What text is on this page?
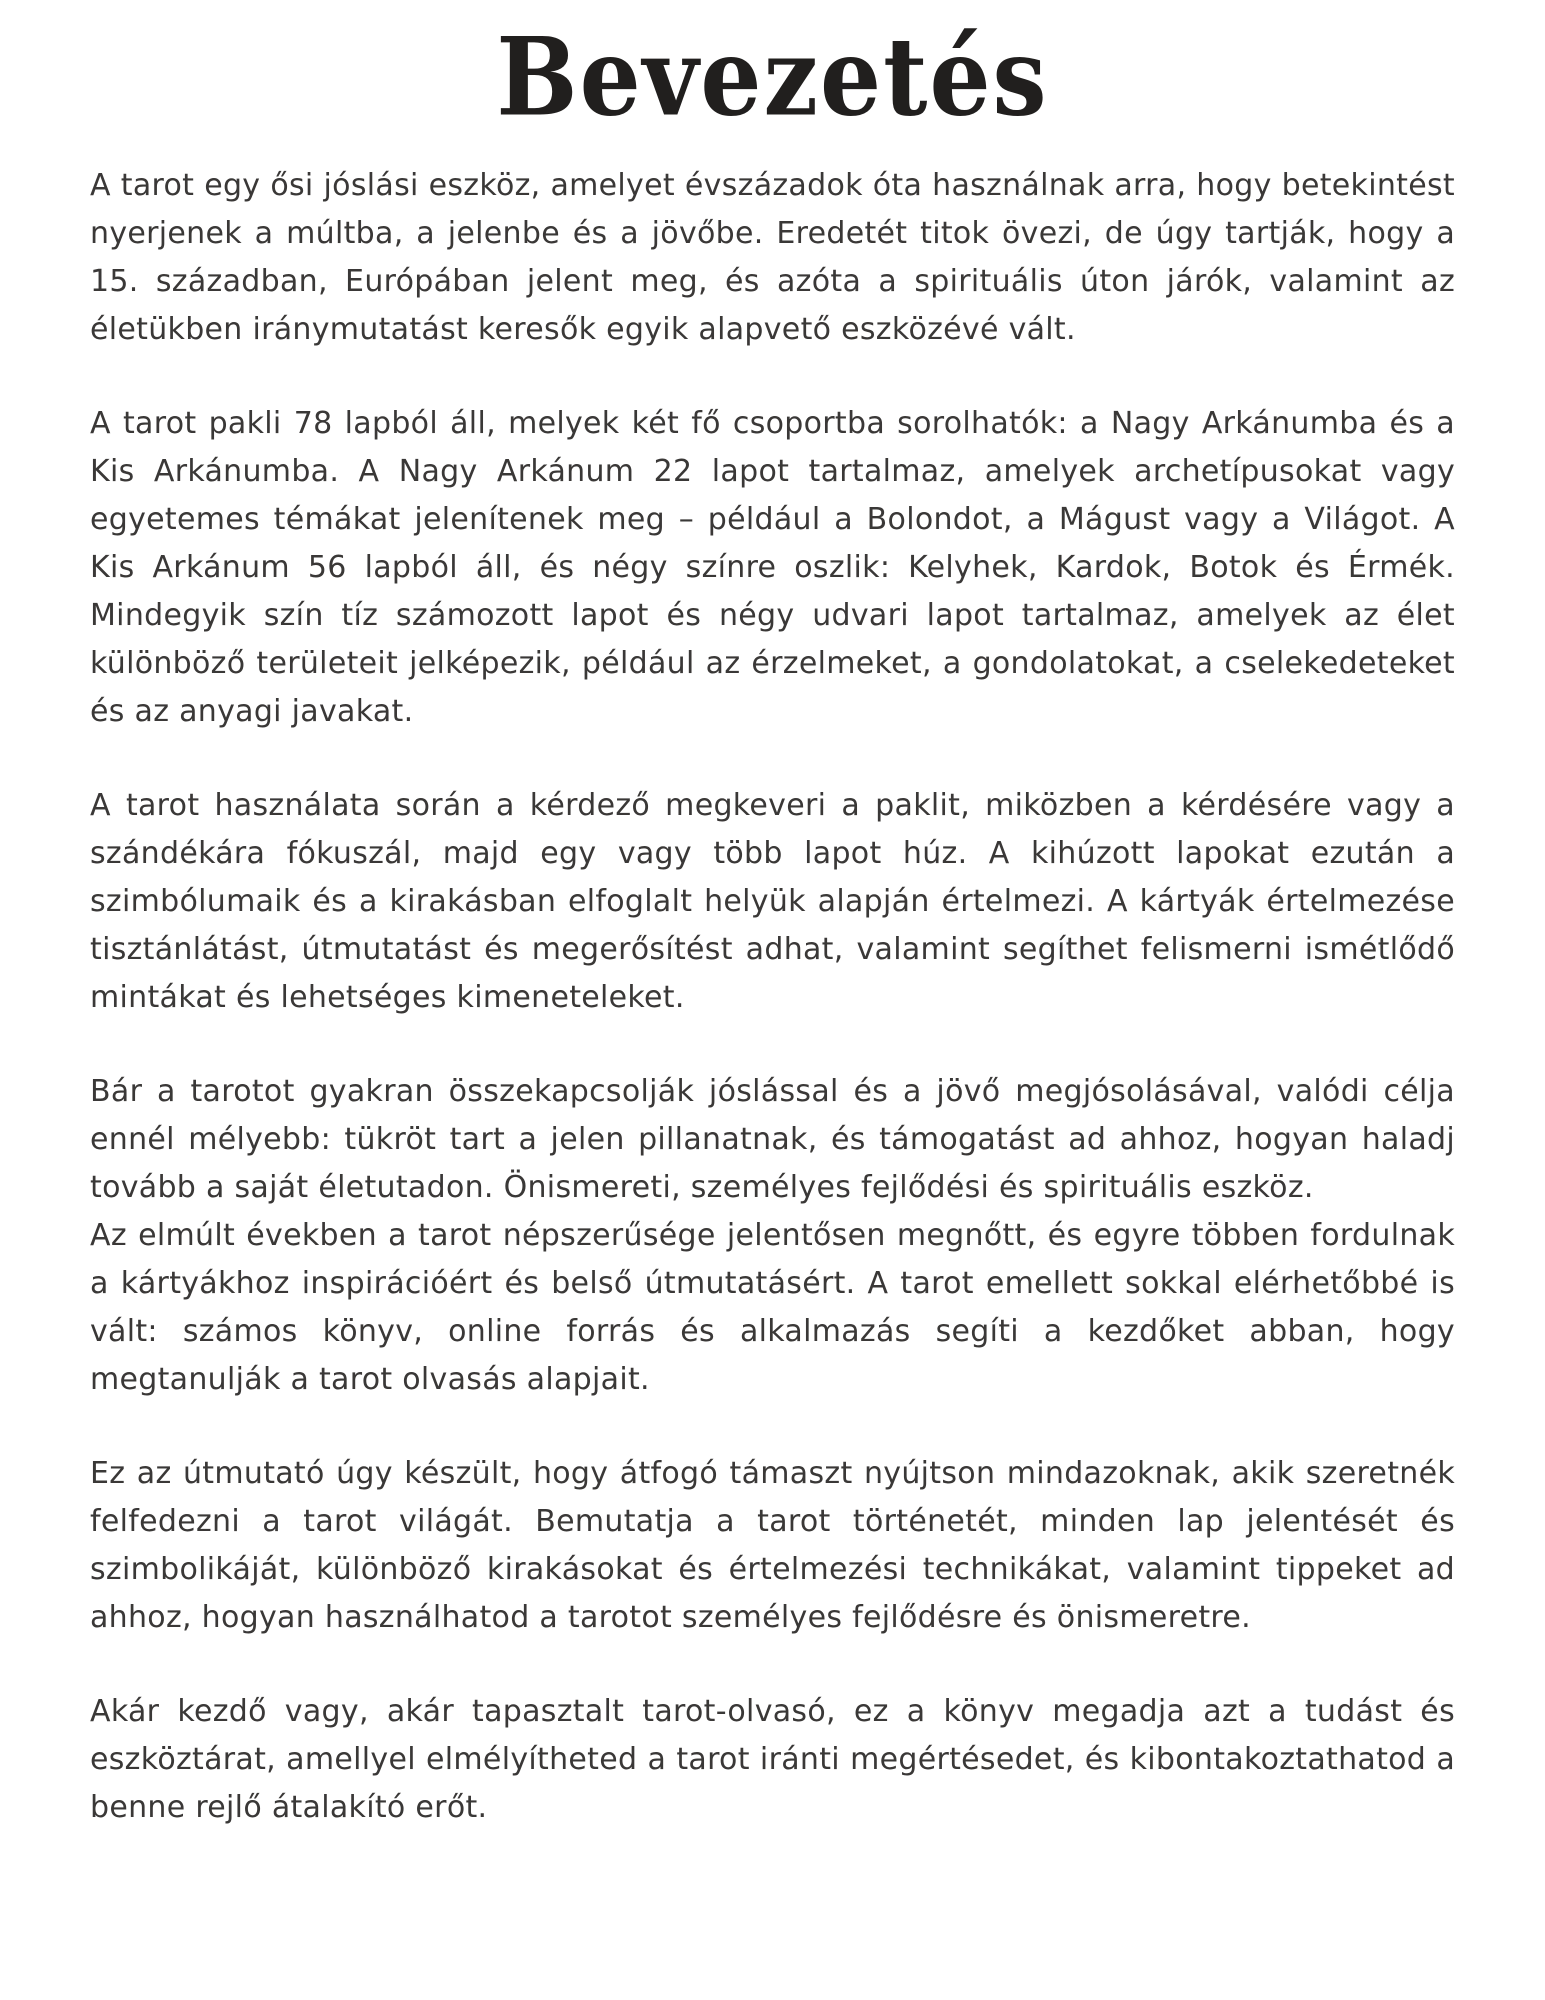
Bevezetés

A tarot egy ősi jóslási eszköz, amelyet évszázadok óta használnak arra, hogy betekintést nyerjenek a múltba, a jelenbe és a jövőbe. Eredetét titok övezi, de úgy tartják, hogy a 15. században, Európában jelent meg, és azóta a spirituális úton járók, valamint az életükben iránymutatást keresők egyik alapvető eszközévé vált.

A tarot pakli 78 lapból áll, melyek két fő csoportba sorolhatók: a Nagy Arkánumba és a Kis Arkánumba. A Nagy Arkánum 22 lapot tartalmaz, amelyek archetípusokat vagy egyetemes témákat jelenítenek meg – például a Bolondot, a Mágust vagy a Világot. A Kis Arkánum 56 lapból áll, és négy színre oszlik: Kelyhek, Kardok, Botok és Érmék. Mindegyik szín tíz számozott lapot és négy udvari lapot tartalmaz, amelyek az élet különböző területeit jelképezik, például az érzelmeket, a gondolatokat, a cselekedeteket és az anyagi javakat.

A tarot használata során a kérdező megkeveri a paklit, miközben a kérdésére vagy a szándékára fókuszál, majd egy vagy több lapot húz. A kihúzott lapokat ezután a szimbólumaik és a kirakásban elfoglalt helyük alapján értelmezi. A kártyák értelmezése tisztánlátást, útmutatást és megerősítést adhat, valamint segíthet felismerni ismétlődő mintákat és lehetséges kimeneteleket.

Bár a tarotot gyakran összekapcsolják jóslással és a jövő megjósolásával, valódi célja ennél mélyebb: tükröt tart a jelen pillanatnak, és támogatást ad ahhoz, hogyan haladj tovább a saját életutadon. Önismereti, személyes fejlődési és spirituális eszköz.

Az elmúlt években a tarot népszerűsége jelentősen megnőtt, és egyre többen fordulnak a kártyákhoz inspirációért és belső útmutatásért. A tarot emellett sokkal elérhetőbbé is vált: számos könyv, online forrás és alkalmazás segíti a kezdőket abban, hogy megtanulják a tarot olvasás alapjait.

Ez az útmutató úgy készült, hogy átfogó támaszt nyújtson mindazoknak, akik szeretnék felfedezni a tarot világát. Bemutatja a tarot történetét, minden lap jelentését és szimbolikáját, különböző kirakásokat és értelmezési technikákat, valamint tippeket ad ahhoz, hogyan használhatod a tarotot személyes fejlődésre és önismeretre.

Akár kezdő vagy, akár tapasztalt tarot-olvasó, ez a könyv megadja azt a tudást és eszköztárat, amellyel elmélyítheted a tarot iránti megértésedet, és kibontakoztathatod a benne rejlő átalakító erőt.
